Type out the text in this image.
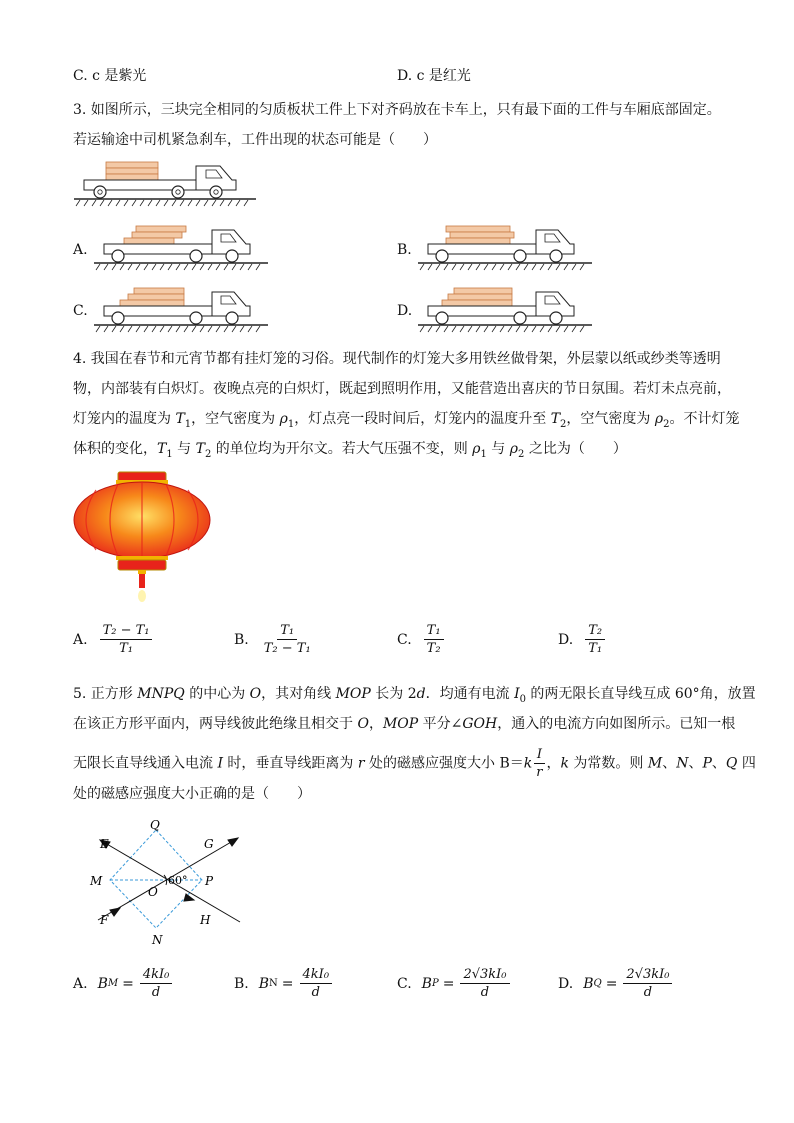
C. c 是紫光	D. c 是红光
3. 如图所示，三块完全相同的匀质板状工件上下对齐码放在卡车上，只有最下面的工件与车厢底部固定。
若运输途中司机紧急刹车，工件出现的状态可能是（　　）
A.	B.
C.	D.
4. 我国在春节和元宵节都有挂灯笼的习俗。现代制作的灯笼大多用铁丝做骨架，外层蒙以纸或纱类等透明
物，内部装有白炽灯。夜晚点亮的白炽灯，既起到照明作用，又能营造出喜庆的节日氛围。若灯未点亮前，
灯笼内的温度为 $T_1$，空气密度为 $\rho_1$，灯点亮一段时间后，灯笼内的温度升至 $T_2$，空气密度为 $\rho_2$。不计灯笼
体积的变化，$T_1$ 与 $T_2$ 的单位均为开尔文。若大气压强不变，则 $\rho_1$ 与 $\rho_2$ 之比为（　　）
A. $\frac{\text{T₂ − T₁}}{\text{T₁}}$	B. $\frac{\text{T₁}}{\text{T₂ − T₁}}$	C. $\frac{\text{T₁}}{\text{T₂}}$	D. $\frac{\text{T₂}}{\text{T₁}}$
5. 正方形 MNPQ 的中心为 O，其对角线 MOP 长为 2d．均通有电流 $I_0$ 的两无限长直导线互成 60°角，放置
在该正方形平面内，两导线彼此绝缘且相交于 O，MOP 平分∠GOH，通入的电流方向如图所示。已知一根
无限长直导线通入电流 I 时，垂直导线距离为 r 处的磁感应强度大小 $B=k \frac{I}{r}$ ，k 为常数。则 M、N、P、Q 四
处的磁感应强度大小正确的是（　　）
Q
E	G
M
O
P
60°
F
N
H
A. B $M = \frac{\text{4kI₀}}{d}$	B. B $N = \frac{\text{4kI₀}}{d}$	C. B $P = \frac{\text{2√3kI₀}}{d}$	D. B $Q = \frac{\text{2√3kI₀}}{d}$
